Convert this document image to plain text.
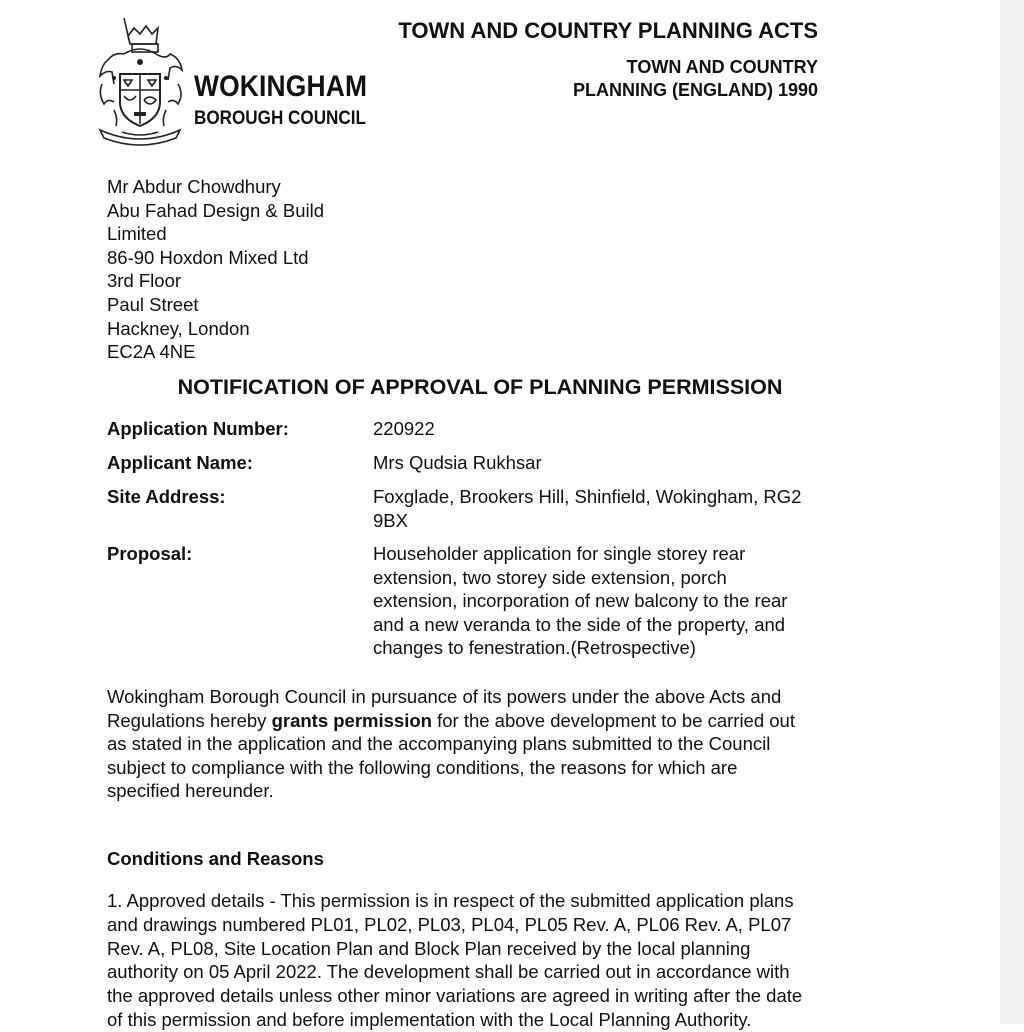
WOKINGHAM
BOROUGH COUNCIL
TOWN AND COUNTRY PLANNING ACTS
TOWN AND COUNTRY
PLANNING (ENGLAND) 1990
Mr Abdur Chowdhury
Abu Fahad Design & Build
Limited
86-90 Hoxdon Mixed Ltd
3rd Floor
Paul Street
Hackney, London
EC2A 4NE
NOTIFICATION OF APPROVAL OF PLANNING PERMISSION
Application Number:	220922
Applicant Name:	Mrs Qudsia Rukhsar
Site Address:	Foxglade, Brookers Hill, Shinfield, Wokingham, RG2
9BX
Proposal:	Householder application for single storey rear
extension, two storey side extension, porch
extension, incorporation of new balcony to the rear
and a new veranda to the side of the property, and
changes to fenestration.(Retrospective)
Wokingham Borough Council in pursuance of its powers under the above Acts and
Regulations hereby grants permission for the above development to be carried out
as stated in the application and the accompanying plans submitted to the Council
subject to compliance with the following conditions, the reasons for which are
specified hereunder.
Conditions and Reasons
1. Approved details - This permission is in respect of the submitted application plans
and drawings numbered PL01, PL02, PL03, PL04, PL05 Rev. A, PL06 Rev. A, PL07
Rev. A, PL08, Site Location Plan and Block Plan received by the local planning
authority on 05 April 2022. The development shall be carried out in accordance with
the approved details unless other minor variations are agreed in writing after the date
of this permission and before implementation with the Local Planning Authority.
